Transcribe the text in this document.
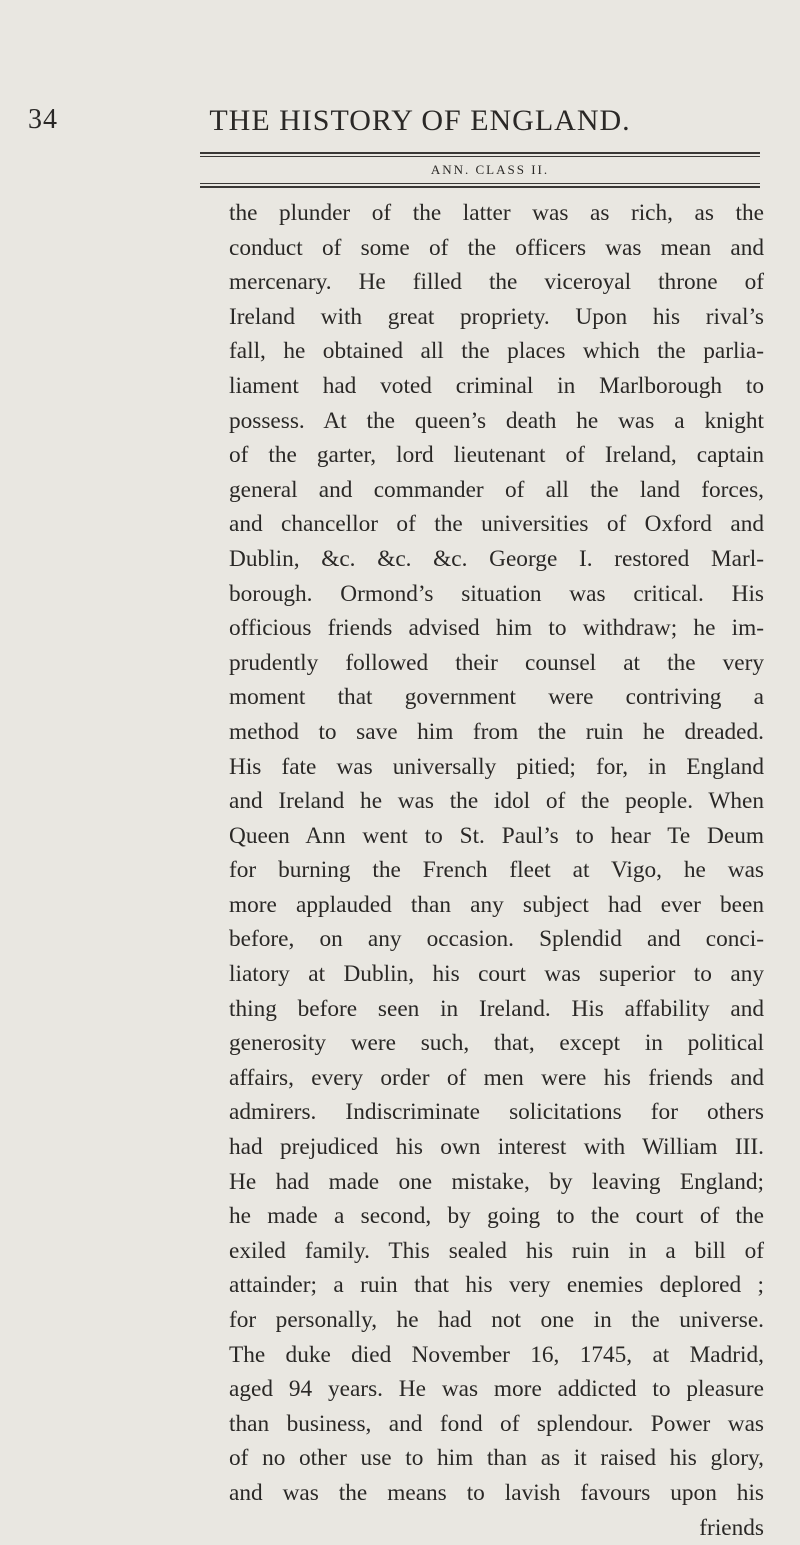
34	THE HISTORY OF ENGLAND.
ANN. CLASS II.

the plunder of the latter was as rich, as the
conduct of some of the officers was mean and
mercenary. He filled the viceroyal throne of
Ireland with great propriety. Upon his rival’s
fall, he obtained all the places which the parlia-
liament had voted criminal in Marlborough to
possess. At the queen’s death he was a knight
of the garter, lord lieutenant of Ireland, captain
general and commander of all the land forces,
and chancellor of the universities of Oxford and
Dublin, &c. &c. &c. George I. restored Marl-
borough. Ormond’s situation was critical. His
officious friends advised him to withdraw; he im-
prudently followed their counsel at the very
moment that government were contriving a
method to save him from the ruin he dreaded.
His fate was universally pitied; for, in England
and Ireland he was the idol of the people. When
Queen Ann went to St. Paul’s to hear Te Deum
for burning the French fleet at Vigo, he was
more applauded than any subject had ever been
before, on any occasion. Splendid and conci-
liatory at Dublin, his court was superior to any
thing before seen in Ireland. His affability and
generosity were such, that, except in political
affairs, every order of men were his friends and
admirers. Indiscriminate solicitations for others
had prejudiced his own interest with William III.
He had made one mistake, by leaving England;
he made a second, by going to the court of the
exiled family. This sealed his ruin in a bill of
attainder; a ruin that his very enemies deplored ;
for personally, he had not one in the universe.
The duke died November 16, 1745, at Madrid,
aged 94 years. He was more addicted to pleasure
than business, and fond of splendour. Power was
of no other use to him than as it raised his glory,
and was the means to lavish favours upon his
friends
